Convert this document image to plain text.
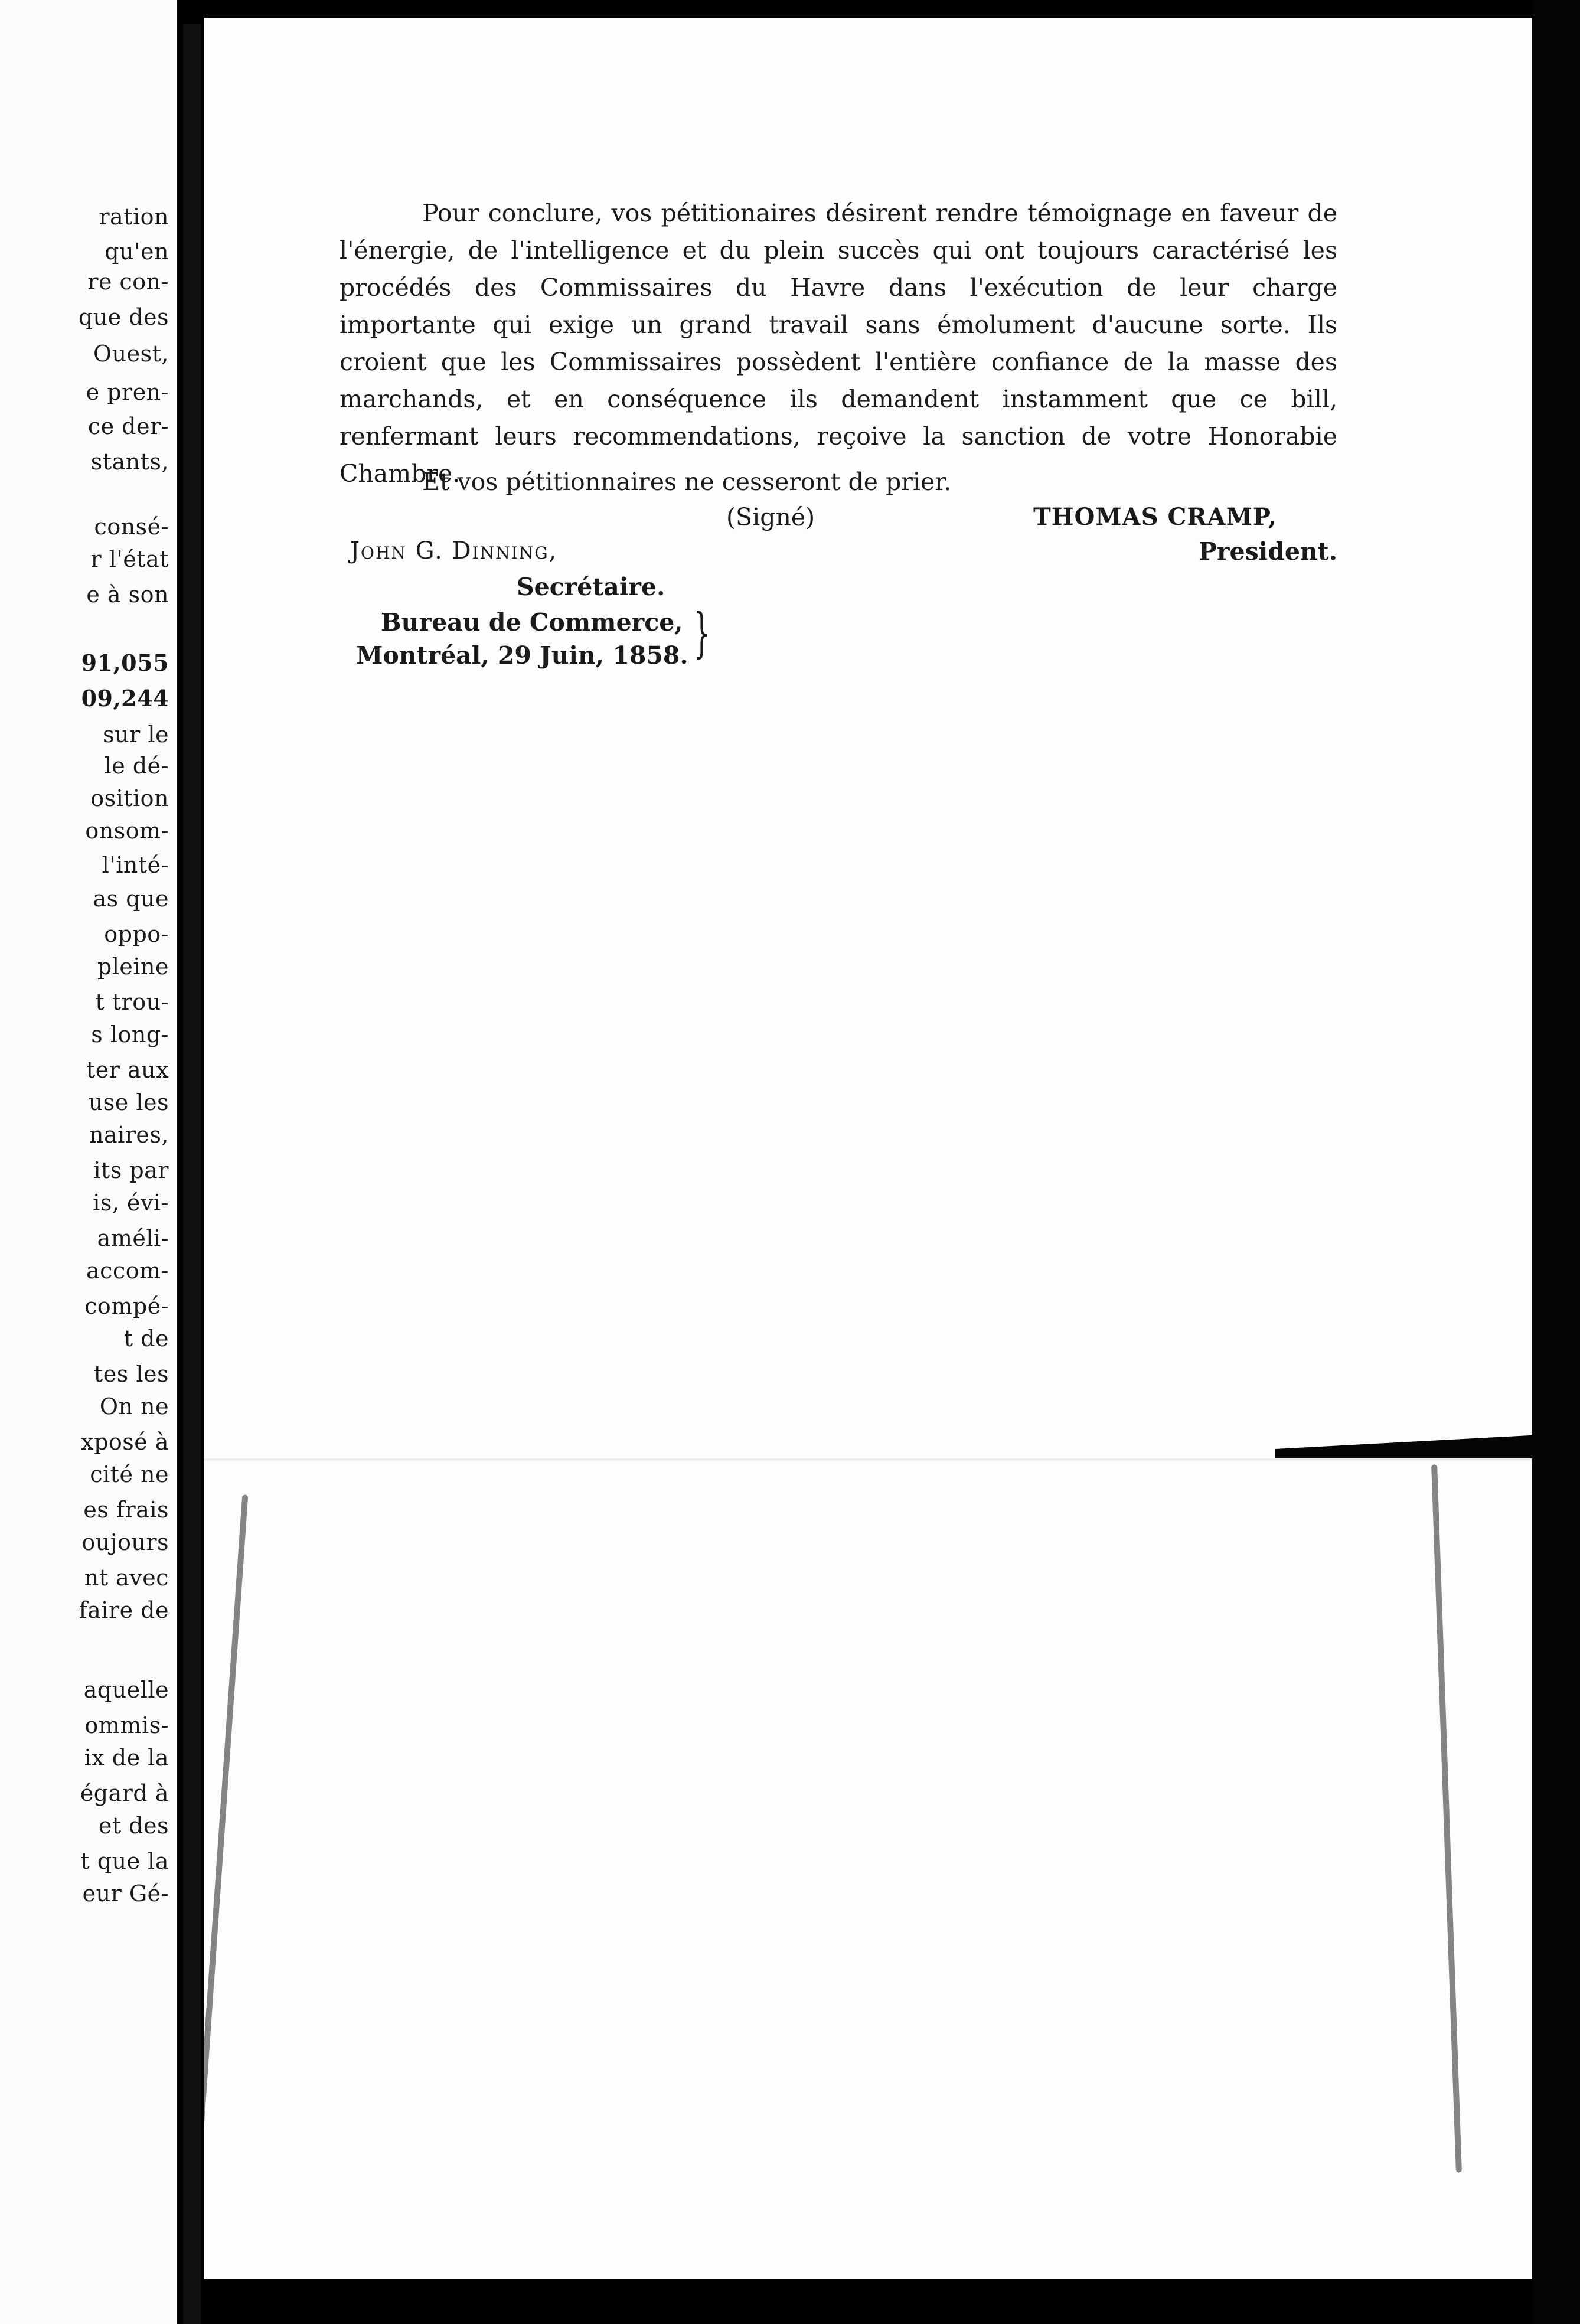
ration
qu'en
re con-
que des
Ouest,
e pren-
ce der-
stants,
consé-
r l'état
e à son
91,055
09,244
sur le
le dé-
osition
onsom-
l'inté-
as que
oppo-
pleine
t trou-
s long-
ter aux
use les
naires,
its par
is, évi-
améli-
accom-
compé-
t de
tes les
On ne
xposé à
cité ne
es frais
oujours
nt avec
faire de
aquelle
ommis-
ix de la
égard à
et des
t que la
eur Gé-
Pour conclure, vos pétitionaires désirent rendre témoignage en faveur de l'énergie, de l'intelligence et du plein succès qui ont toujours caractérisé les procédés des Commissaires du Havre dans l'exécution de leur charge importante qui exige un grand travail sans émolument d'aucune sorte. Ils croient que les Commissaires possèdent l'entière confiance de la masse des marchands, et en conséquence ils demandent instamment que ce bill, renfermant leurs recommendations, reçoive la sanction de votre Honorabie Chambre.
Et vos pétitionnaires ne cesseront de prier.
(Signé)	THOMAS CRAMP,
President.
John G. Dinning,
Secrétaire.
Bureau de Commerce,
Montréal, 29 Juin, 1858. }
